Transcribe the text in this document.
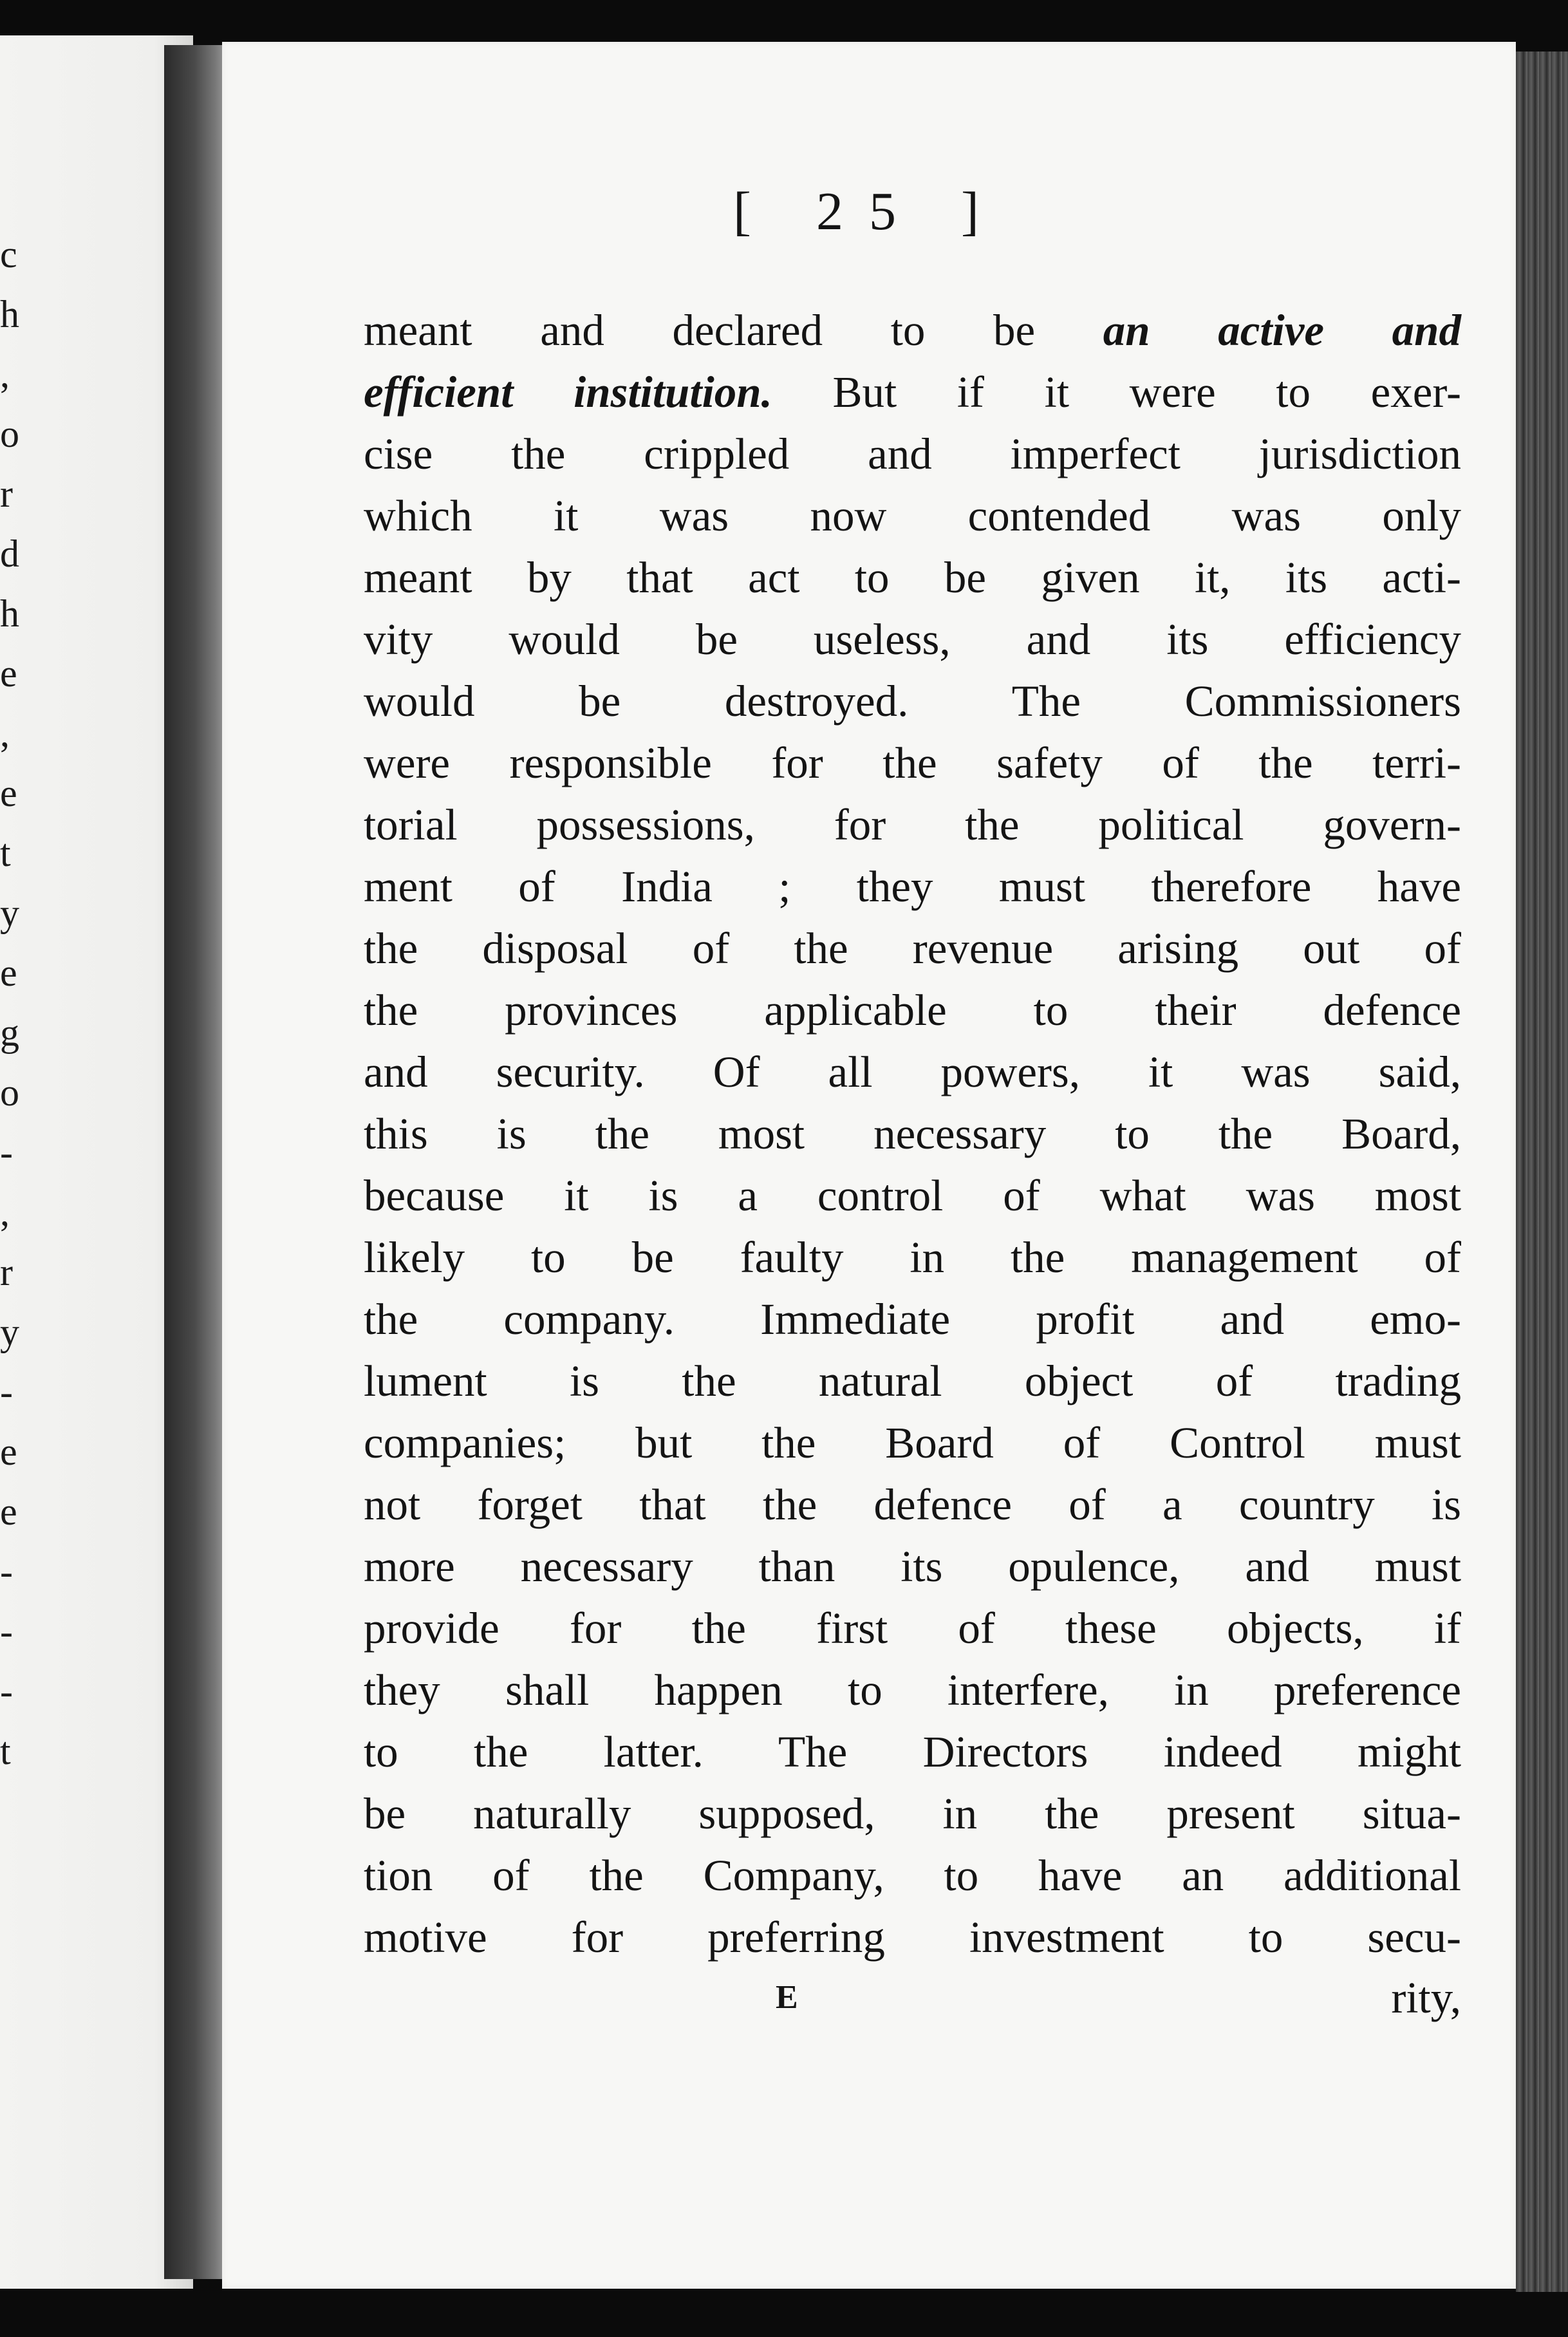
c
h
,
o
r
d
h
e
,
e
t
y
e
g
o
-
,
r
y
-
e
e
-
-
-
t
[ 25 ]
meant and declared to be an active and
efficient institution. But if it were to exer-
cise the crippled and imperfect jurisdiction
which it was now contended was only
meant by that act to be given it, its acti-
vity would be useless, and its efficiency
would be destroyed. The Commissioners
were responsible for the safety of the terri-
torial possessions, for the political govern-
ment of India ; they must therefore have
the disposal of the revenue arising out of
the provinces applicable to their defence
and security. Of all powers, it was said,
this is the most necessary to the Board,
because it is a control of what was most
likely to be faulty in the management of
the company. Immediate profit and emo-
lument is the natural object of trading
companies; but the Board of Control must
not forget that the defence of a country is
more necessary than its opulence, and must
provide for the first of these objects, if
they shall happen to interfere, in preference
to the latter. The Directors indeed might
be naturally supposed, in the present situa-
tion of the Company, to have an additional
motive for preferring investment to secu-
E	rity,
